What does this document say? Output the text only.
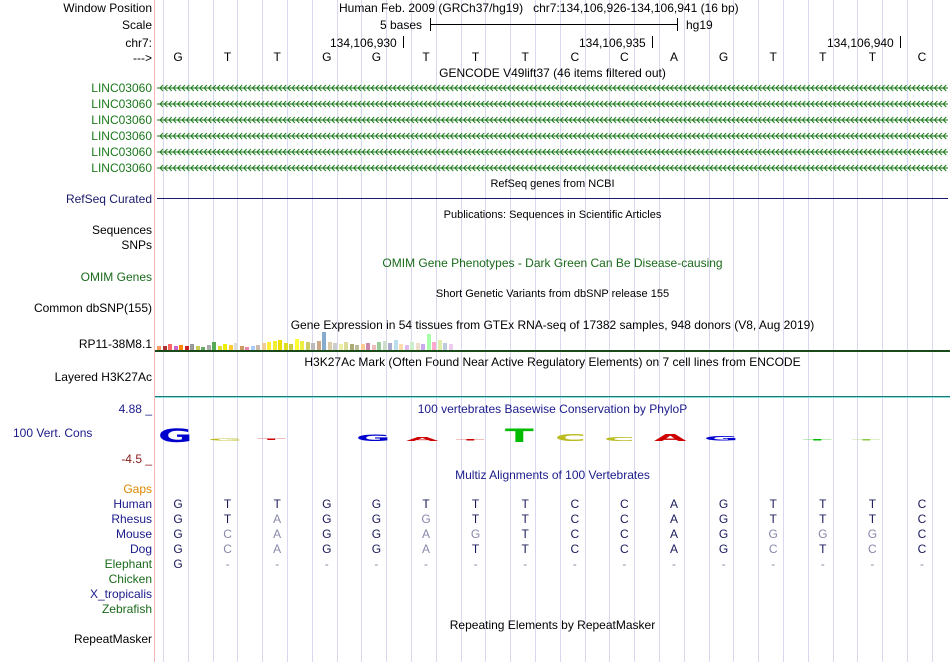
Window Position	Human Feb. 2009 (GRCh37/hg19) chr7:134,106,926-134,106,941 (16 bp)
Scale	5 bases	hg19
chr7:	134,106,930	134,106,935	134,106,940
--->	G	T	T	G	G	T	T	T	C	C	A	G	T	T	T	C
GENCODE V49lift37 (46 items filtered out)
LINC03060
LINC03060
LINC03060
LINC03060
LINC03060
LINC03060
RefSeq genes from NCBI
RefSeq Curated
Publications: Sequences in Scientific Articles
Sequences
SNPs
OMIM Gene Phenotypes - Dark Green Can Be Disease-causing
OMIM Genes
Short Genetic Variants from dbSNP release 155
Common dbSNP(155)
Gene Expression in 54 tissues from GTEx RNA-seq of 17382 samples, 948 donors (V8, Aug 2019)
RP11-38M8.1
H3K27Ac Mark (Often Found Near Active Regulatory Elements) on 7 cell lines from ENCODE
Layered H3K27Ac
100 vertebrates Basewise Conservation by PhyloP
4.88 _
100 Vert. Cons
-4.5 _
G G T	G A T T C C A G	T T
Multiz Alignments of 100 Vertebrates
Gaps
Human	G	T	T	G	G	T	T	T	C	C	A	G	T	T	T	C
Rhesus	G	T	A	G	G	G	T	T	C	C	A	G	T	T	T	C
Mouse	G	C	A	G	G	A	G	T	C	C	A	G	G	G	G	C
Dog	G	C	A	G	G	A	T	T	C	C	A	G	C	T	C	C
Elephant	G	-	-	-	-	-	-	-	-	-	-	-	-	-	-	-
Chicken
X_tropicalis
Zebrafish
Repeating Elements by RepeatMasker
RepeatMasker
